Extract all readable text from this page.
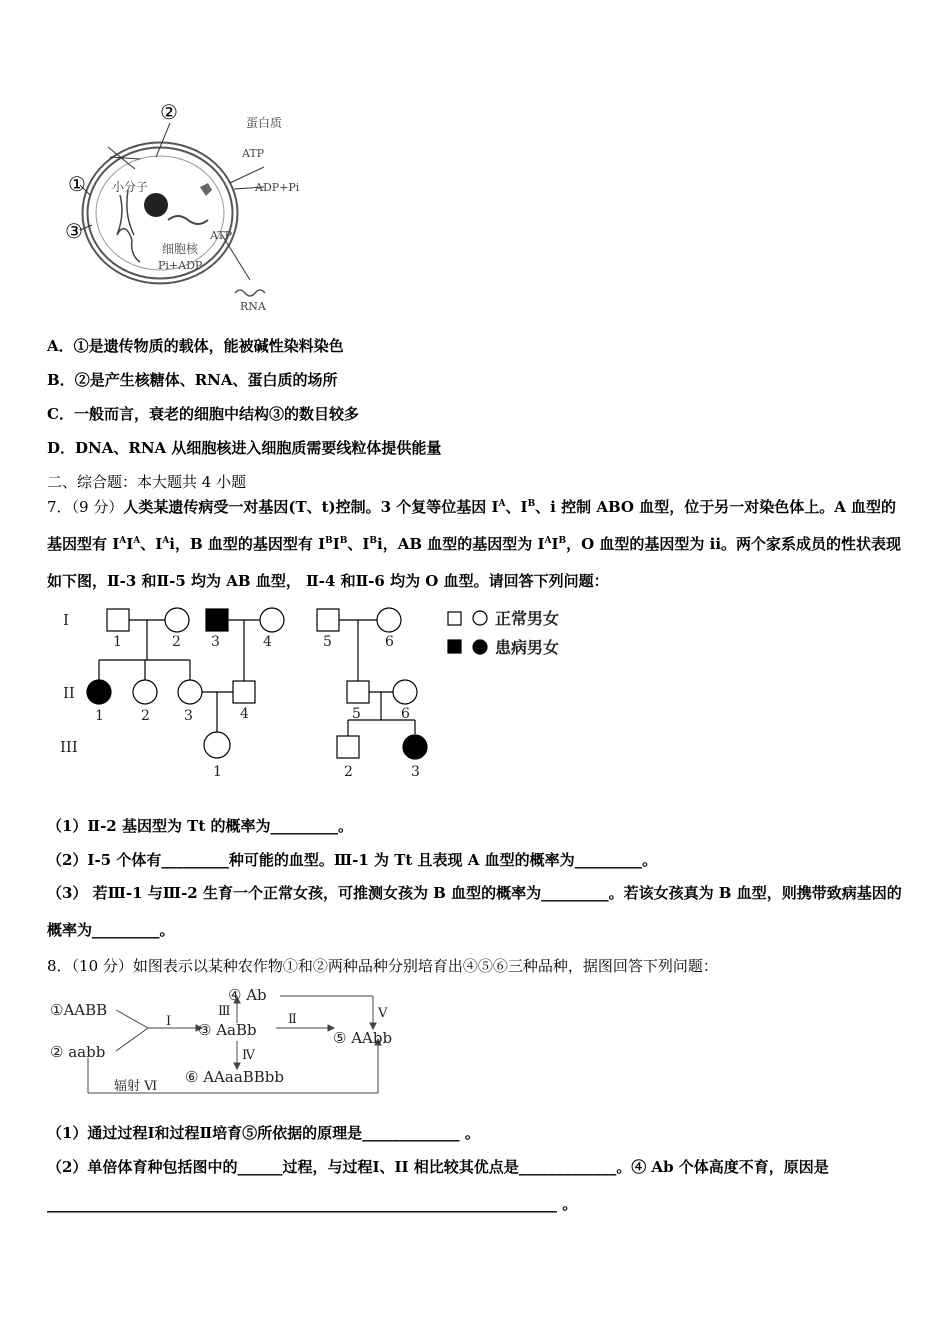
①
②
③
蛋白质
ATP
ADP+Pi
小分子
细胞核
ATP
Pi+ADP
RNA
A．①是遗传物质的载体，能被碱性染料染色
B．②是产生核糖体、RNA、蛋白质的场所
C．一般而言，衰老的细胞中结构③的数目较多
D．DNA、RNA 从细胞核进入细胞质需要线粒体提供能量
二、综合题：本大题共 4 小题
7．（9 分）人类某遗传病受一对基因(T、t)控制。3 个复等位基因 $I^A$、$I^B$、i 控制 ABO 血型，位于另一对染色体上。A 血型的基因型有 $I^AI^A$、$I^Ai$，B 血型的基因型有 $I^BI^B$、$I^Bi$，AB 血型的基因型为 $I^AI^B$，O 血型的基因型为 ii。两个家系成员的性状表现如下图，Ⅱ-3 和Ⅱ-5 均为 AB 血型， Ⅱ-4 和Ⅱ-6 均为 O 血型。请回答下列问题：
I
II
III
1	2 3	4	5	6
1	2 3	4	5	6
1	2	3
正常男女
患病男女
（1）Ⅱ-2 基因型为 Tt 的概率为_________。
（2）Ⅰ-5 个体有_________种可能的血型。Ⅲ-1 为 Tt 且表现 A 血型的概率为_________。
（3） 若Ⅲ-1 与Ⅲ-2 生育一个正常女孩，可推测女孩为 B 血型的概率为_________。若该女孩真为 B 血型，则携带致病基因的概率为_________。
8．（10 分）如图表示以某种农作物①和②两种品种分别培育出④⑤⑥三种品种，据图回答下列问题：
①AABB
② aabb
③ AaBb
④ Ab
⑤ AAbb
⑥ AAaaBBbb
Ⅰ	Ⅱ
Ⅲ
Ⅳ
Ⅴ
辐射 Ⅵ
（1）通过过程Ⅰ和过程Ⅱ培育⑤所依据的原理是_____________ 。
（2）单倍体育种包括图中的______过程，与过程Ⅰ、II 相比较其优点是_____________。④ Ab 个体高度不育，原因是____________________________________________________________________ 。
